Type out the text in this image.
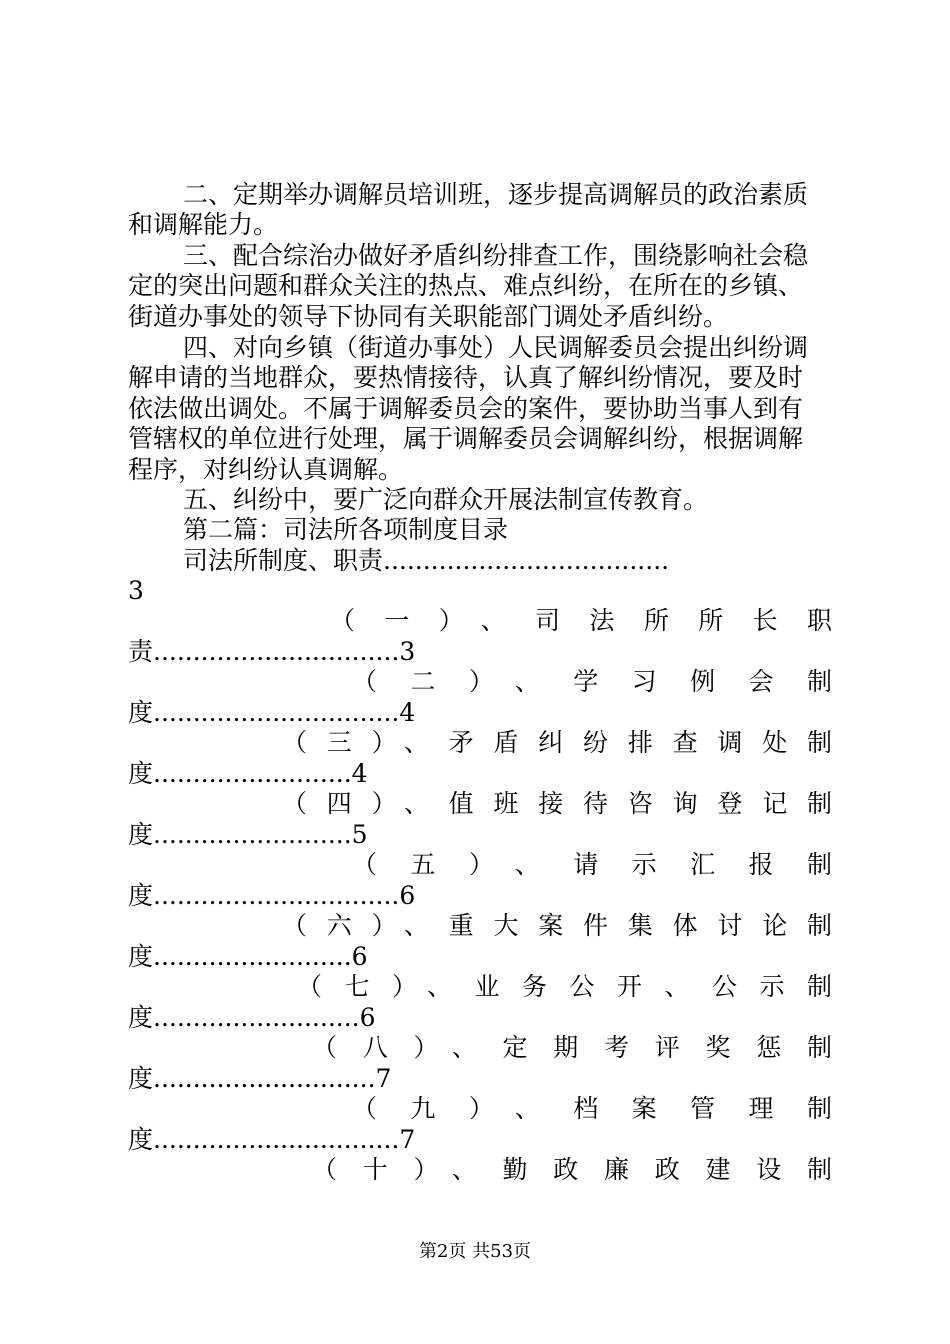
二、定期举办调解员培训班，逐步提高调解员的政治素质
和调解能力。
三、配合综治办做好矛盾纠纷排查工作，围绕影响社会稳
定的突出问题和群众关注的热点、难点纠纷，在所在的乡镇、
街道办事处的领导下协同有关职能部门调处矛盾纠纷。
四、对向乡镇（街道办事处）人民调解委员会提出纠纷调
解申请的当地群众，要热情接待，认真了解纠纷情况，要及时
依法做出调处。不属于调解委员会的案件，要协助当事人到有
管辖权的单位进行处理，属于调解委员会调解纠纷，根据调解
程序，对纠纷认真调解。
五、纠纷中，要广泛向群众开展法制宣传教育。
第二篇：司法所各项制度目录
司法所制度、职责....................................
3
（一）、司法所所长职
责...............................3
（二）、学习例会制
度...............................4
（三）、矛盾纠纷排查调处制
度.........................4
（四）、值班接待咨询登记制
度.........................5
（五）、请示汇报制
度...............................6
（六）、重大案件集体讨论制
度.........................6
（七）、业务公开、公示制
度..........................6
（八）、定期考评奖惩制
度............................7
（九）、档案管理制
度...............................7
（十）、勤政廉政建设制
第2页 共53页
